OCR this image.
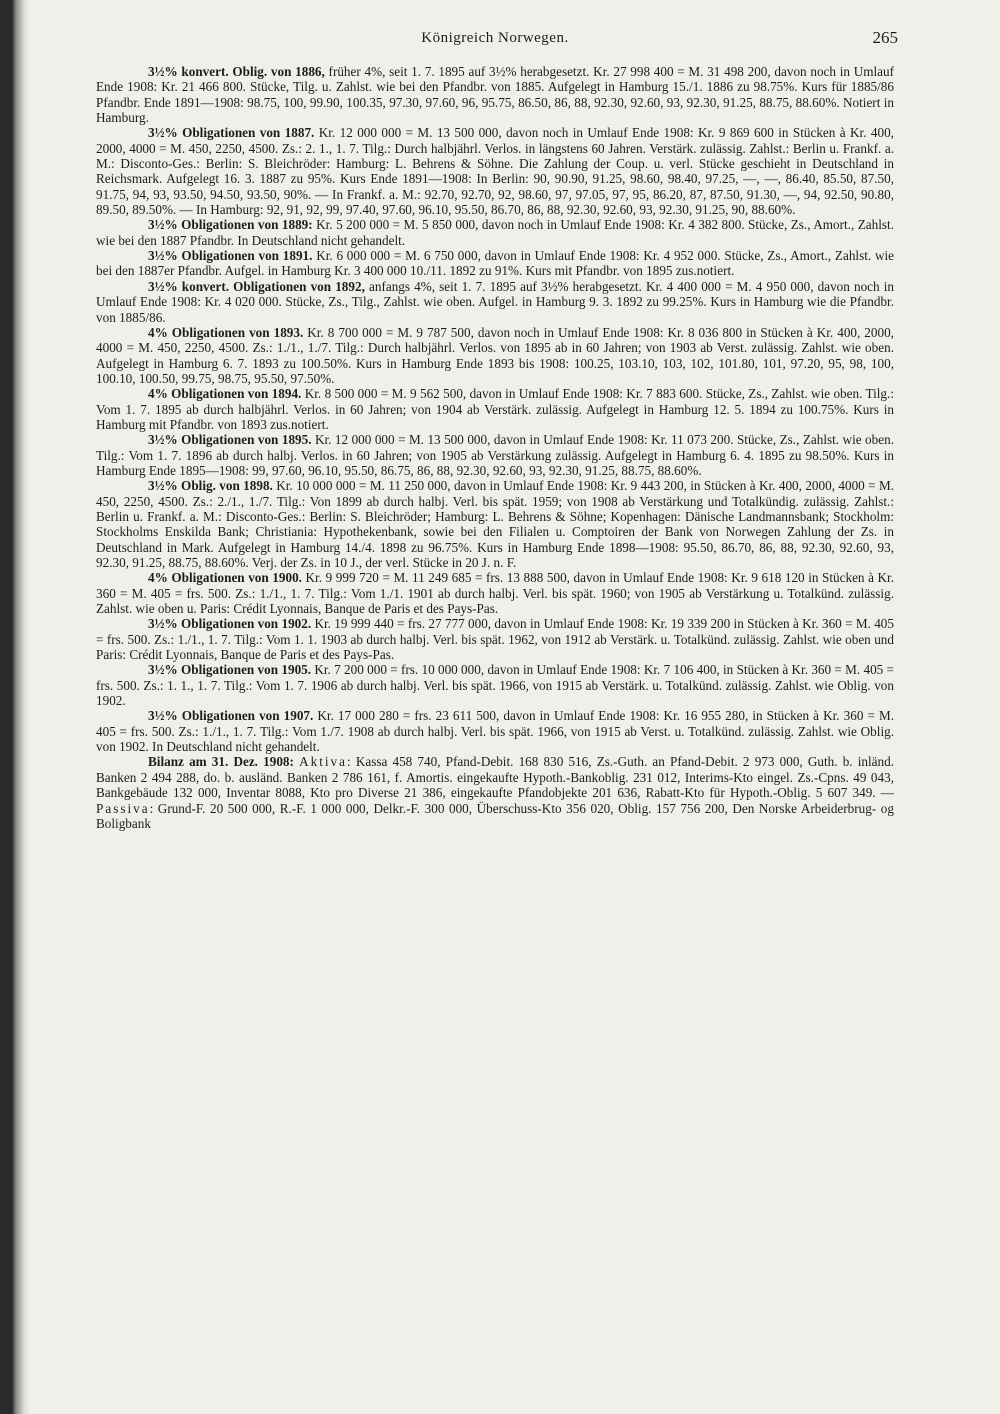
Königreich Norwegen.	265

3½% konvert. Oblig. von 1886, früher 4%, seit 1. 7. 1895 auf 3½% herabgesetzt. Kr. 27 998 400 = M. 31 498 200, davon noch in Umlauf Ende 1908: Kr. 21 466 800. Stücke, Tilg. u. Zahlst. wie bei den Pfandbr. von 1885. Aufgelegt in Hamburg 15./1. 1886 zu 98.75%. Kurs für 1885/86 Pfandbr. Ende 1891—1908: 98.75, 100, 99.90, 100.35, 97.30, 97.60, 96, 95.75, 86.50, 86, 88, 92.30, 92.60, 93, 92.30, 91.25, 88.75, 88.60%. Notiert in Hamburg.

3½% Obligationen von 1887. Kr. 12 000 000 = M. 13 500 000, davon noch in Umlauf Ende 1908: Kr. 9 869 600 in Stücken à Kr. 400, 2000, 4000 = M. 450, 2250, 4500. Zs.: 2. 1., 1. 7. Tilg.: Durch halbjährl. Verlos. in längstens 60 Jahren. Verstärk. zulässig. Zahlst.: Berlin u. Frankf. a. M.: Disconto-Ges.: Berlin: S. Bleichröder: Hamburg: L. Behrens & Söhne. Die Zahlung der Coup. u. verl. Stücke geschieht in Deutschland in Reichsmark. Aufgelegt 16. 3. 1887 zu 95%. Kurs Ende 1891—1908: In Berlin: 90, 90.90, 91.25, 98.60, 98.40, 97.25, —, —, 86.40, 85.50, 87.50, 91.75, 94, 93, 93.50, 94.50, 93.50, 90%. — In Frankf. a. M.: 92.70, 92.70, 92, 98.60, 97, 97.05, 97, 95, 86.20, 87, 87.50, 91.30, —, 94, 92.50, 90.80, 89.50, 89.50%. — In Hamburg: 92, 91, 92, 99, 97.40, 97.60, 96.10, 95.50, 86.70, 86, 88, 92.30, 92.60, 93, 92.30, 91.25, 90, 88.60%.

3½% Obligationen von 1889: Kr. 5 200 000 = M. 5 850 000, davon noch in Umlauf Ende 1908: Kr. 4 382 800. Stücke, Zs., Amort., Zahlst. wie bei den 1887 Pfandbr. In Deutschland nicht gehandelt.

3½% Obligationen von 1891. Kr. 6 000 000 = M. 6 750 000, davon in Umlauf Ende 1908: Kr. 4 952 000. Stücke, Zs., Amort., Zahlst. wie bei den 1887er Pfandbr. Aufgel. in Hamburg Kr. 3 400 000 10./11. 1892 zu 91%. Kurs mit Pfandbr. von 1895 zus.notiert.

3½% konvert. Obligationen von 1892, anfangs 4%, seit 1. 7. 1895 auf 3½% herabgesetzt. Kr. 4 400 000 = M. 4 950 000, davon noch in Umlauf Ende 1908: Kr. 4 020 000. Stücke, Zs., Tilg., Zahlst. wie oben. Aufgel. in Hamburg 9. 3. 1892 zu 99.25%. Kurs in Hamburg wie die Pfandbr. von 1885/86.

4% Obligationen von 1893. Kr. 8 700 000 = M. 9 787 500, davon noch in Umlauf Ende 1908: Kr. 8 036 800 in Stücken à Kr. 400, 2000, 4000 = M. 450, 2250, 4500. Zs.: 1./1., 1./7. Tilg.: Durch halbjährl. Verlos. von 1895 ab in 60 Jahren; von 1903 ab Verst. zulässig. Zahlst. wie oben. Aufgelegt in Hamburg 6. 7. 1893 zu 100.50%. Kurs in Hamburg Ende 1893 bis 1908: 100.25, 103.10, 103, 102, 101.80, 101, 97.20, 95, 98, 100, 100.10, 100.50, 99.75, 98.75, 95.50, 97.50%.

4% Obligationen von 1894. Kr. 8 500 000 = M. 9 562 500, davon in Umlauf Ende 1908: Kr. 7 883 600. Stücke, Zs., Zahlst. wie oben. Tilg.: Vom 1. 7. 1895 ab durch halbjährl. Verlos. in 60 Jahren; von 1904 ab Verstärk. zulässig. Aufgelegt in Hamburg 12. 5. 1894 zu 100.75%. Kurs in Hamburg mit Pfandbr. von 1893 zus.notiert.

3½% Obligationen von 1895. Kr. 12 000 000 = M. 13 500 000, davon in Umlauf Ende 1908: Kr. 11 073 200. Stücke, Zs., Zahlst. wie oben. Tilg.: Vom 1. 7. 1896 ab durch halbj. Verlos. in 60 Jahren; von 1905 ab Verstärkung zulässig. Aufgelegt in Hamburg 6. 4. 1895 zu 98.50%. Kurs in Hamburg Ende 1895—1908: 99, 97.60, 96.10, 95.50, 86.75, 86, 88, 92.30, 92.60, 93, 92.30, 91.25, 88.75, 88.60%.

3½% Oblig. von 1898. Kr. 10 000 000 = M. 11 250 000, davon in Umlauf Ende 1908: Kr. 9 443 200, in Stücken à Kr. 400, 2000, 4000 = M. 450, 2250, 4500. Zs.: 2./1., 1./7. Tilg.: Von 1899 ab durch halbj. Verl. bis spät. 1959; von 1908 ab Verstärkung und Totalkündig. zulässig. Zahlst.: Berlin u. Frankf. a. M.: Disconto-Ges.: Berlin: S. Bleichröder; Hamburg: L. Behrens & Söhne; Kopenhagen: Dänische Landmannsbank; Stockholm: Stockholms Enskilda Bank; Christiania: Hypothekenbank, sowie bei den Filialen u. Comptoiren der Bank von Norwegen Zahlung der Zs. in Deutschland in Mark. Aufgelegt in Hamburg 14./4. 1898 zu 96.75%. Kurs in Hamburg Ende 1898—1908: 95.50, 86.70, 86, 88, 92.30, 92.60, 93, 92.30, 91.25, 88.75, 88.60%. Verj. der Zs. in 10 J., der verl. Stücke in 20 J. n. F.

4% Obligationen von 1900. Kr. 9 999 720 = M. 11 249 685 = frs. 13 888 500, davon in Umlauf Ende 1908: Kr. 9 618 120 in Stücken à Kr. 360 = M. 405 = frs. 500. Zs.: 1./1., 1. 7. Tilg.: Vom 1./1. 1901 ab durch halbj. Verl. bis spät. 1960; von 1905 ab Verstärkung u. Totalkünd. zulässig. Zahlst. wie oben u. Paris: Crédit Lyonnais, Banque de Paris et des Pays-Pas.

3½% Obligationen von 1902. Kr. 19 999 440 = frs. 27 777 000, davon in Umlauf Ende 1908: Kr. 19 339 200 in Stücken à Kr. 360 = M. 405 = frs. 500. Zs.: 1./1., 1. 7. Tilg.: Vom 1. 1. 1903 ab durch halbj. Verl. bis spät. 1962, von 1912 ab Verstärk. u. Totalkünd. zulässig. Zahlst. wie oben und Paris: Crédit Lyonnais, Banque de Paris et des Pays-Pas.

3½% Obligationen von 1905. Kr. 7 200 000 = frs. 10 000 000, davon in Umlauf Ende 1908: Kr. 7 106 400, in Stücken à Kr. 360 = M. 405 = frs. 500. Zs.: 1. 1., 1. 7. Tilg.: Vom 1. 7. 1906 ab durch halbj. Verl. bis spät. 1966, von 1915 ab Verstärk. u. Totalkünd. zulässig. Zahlst. wie Oblig. von 1902.

3½% Obligationen von 1907. Kr. 17 000 280 = frs. 23 611 500, davon in Umlauf Ende 1908: Kr. 16 955 280, in Stücken à Kr. 360 = M. 405 = frs. 500. Zs.: 1./1., 1. 7. Tilg.: Vom 1./7. 1908 ab durch halbj. Verl. bis spät. 1966, von 1915 ab Verst. u. Totalkünd. zulässig. Zahlst. wie Oblig. von 1902. In Deutschland nicht gehandelt.

Bilanz am 31. Dez. 1908: Aktiva: Kassa 458 740, Pfand-Debit. 168 830 516, Zs.-Guth. an Pfand-Debit. 2 973 000, Guth. b. inländ. Banken 2 494 288, do. b. ausländ. Banken 2 786 161, f. Amortis. eingekaufte Hypoth.-Bankoblig. 231 012, Interims-Kto eingel. Zs.-Cpns. 49 043, Bankgebäude 132 000, Inventar 8088, Kto pro Diverse 21 386, eingekaufte Pfandobjekte 201 636, Rabatt-Kto für Hypoth.-Oblig. 5 607 349. — Passiva: Grund-F. 20 500 000, R.-F. 1 000 000, Delkr.-F. 300 000, Überschuss-Kto 356 020, Oblig. 157 756 200, Den Norske Arbeiderbrug- og Boligbank
